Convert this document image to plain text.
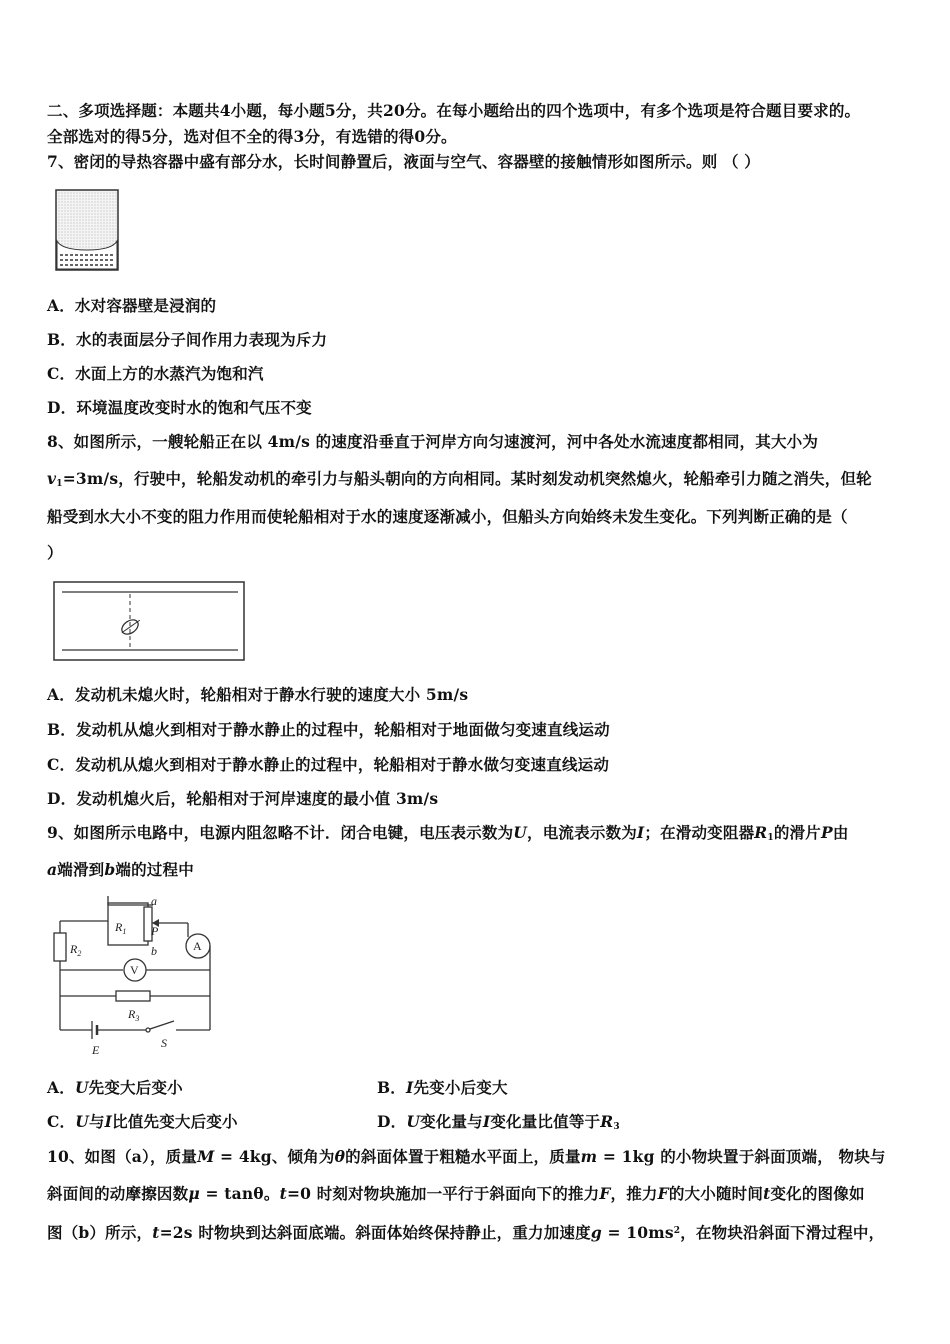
二、多项选择题：本题共4小题，每小题5分，共20分。在每小题给出的四个选项中，有多个选项是符合题目要求的。
全部选对的得5分，选对但不全的得3分，有选错的得0分。
7、密闭的导热容器中盛有部分水，长时间静置后，液面与空气、容器壁的接触情形如图所示。则 （ ）
A．水对容器壁是浸润的
B．水的表面层分子间作用力表现为斥力
C．水面上方的水蒸汽为饱和汽
D．环境温度改变时水的饱和气压不变
8、如图所示，一艘轮船正在以 4m/s 的速度沿垂直于河岸方向匀速渡河，河中各处水流速度都相同，其大小为
$v_1=3m/s$，行驶中，轮船发动机的牵引力与船头朝向的方向相同。某时刻发动机突然熄火，轮船牵引力随之消失，但轮
船受到水大小不变的阻力作用而使轮船相对于水的速度逐渐减小，但船头方向始终未发生变化。下列判断正确的是（
）
A．发动机未熄火时，轮船相对于静水行驶的速度大小 5m/s
B．发动机从熄火到相对于静水静止的过程中，轮船相对于地面做匀变速直线运动
C．发动机从熄火到相对于静水静止的过程中，轮船相对于静水做匀变速直线运动
D．发动机熄火后，轮船相对于河岸速度的最小值 3m/s
9、如图所示电路中，电源内阻忽略不计．闭合电键，电压表示数为U，电流表示数为I；在滑动变阻器$R_1$的滑片P由
a端滑到b端的过程中
$R_1$
a
P
b	A
V
$R_2$
$R_3$
E	S
A．U先变大后变小	B．I先变小后变大
C．U与I比值先变大后变小	D．U变化量与I变化量比值等于$R_3$
10、如图（a），质量M = 4kg、倾角为θ的斜面体置于粗糙水平面上，质量m = 1kg 的小物块置于斜面顶端， 物块与
斜面间的动摩擦因数μ = tanθ。t=0 时刻对物块施加一平行于斜面向下的推力F，推力F的大小随时间t变化的图像如
图（b）所示，t=2s 时物块到达斜面底端。斜面体始终保持静止，重力加速度$g = 10ms^2$，在物块沿斜面下滑过程中，
